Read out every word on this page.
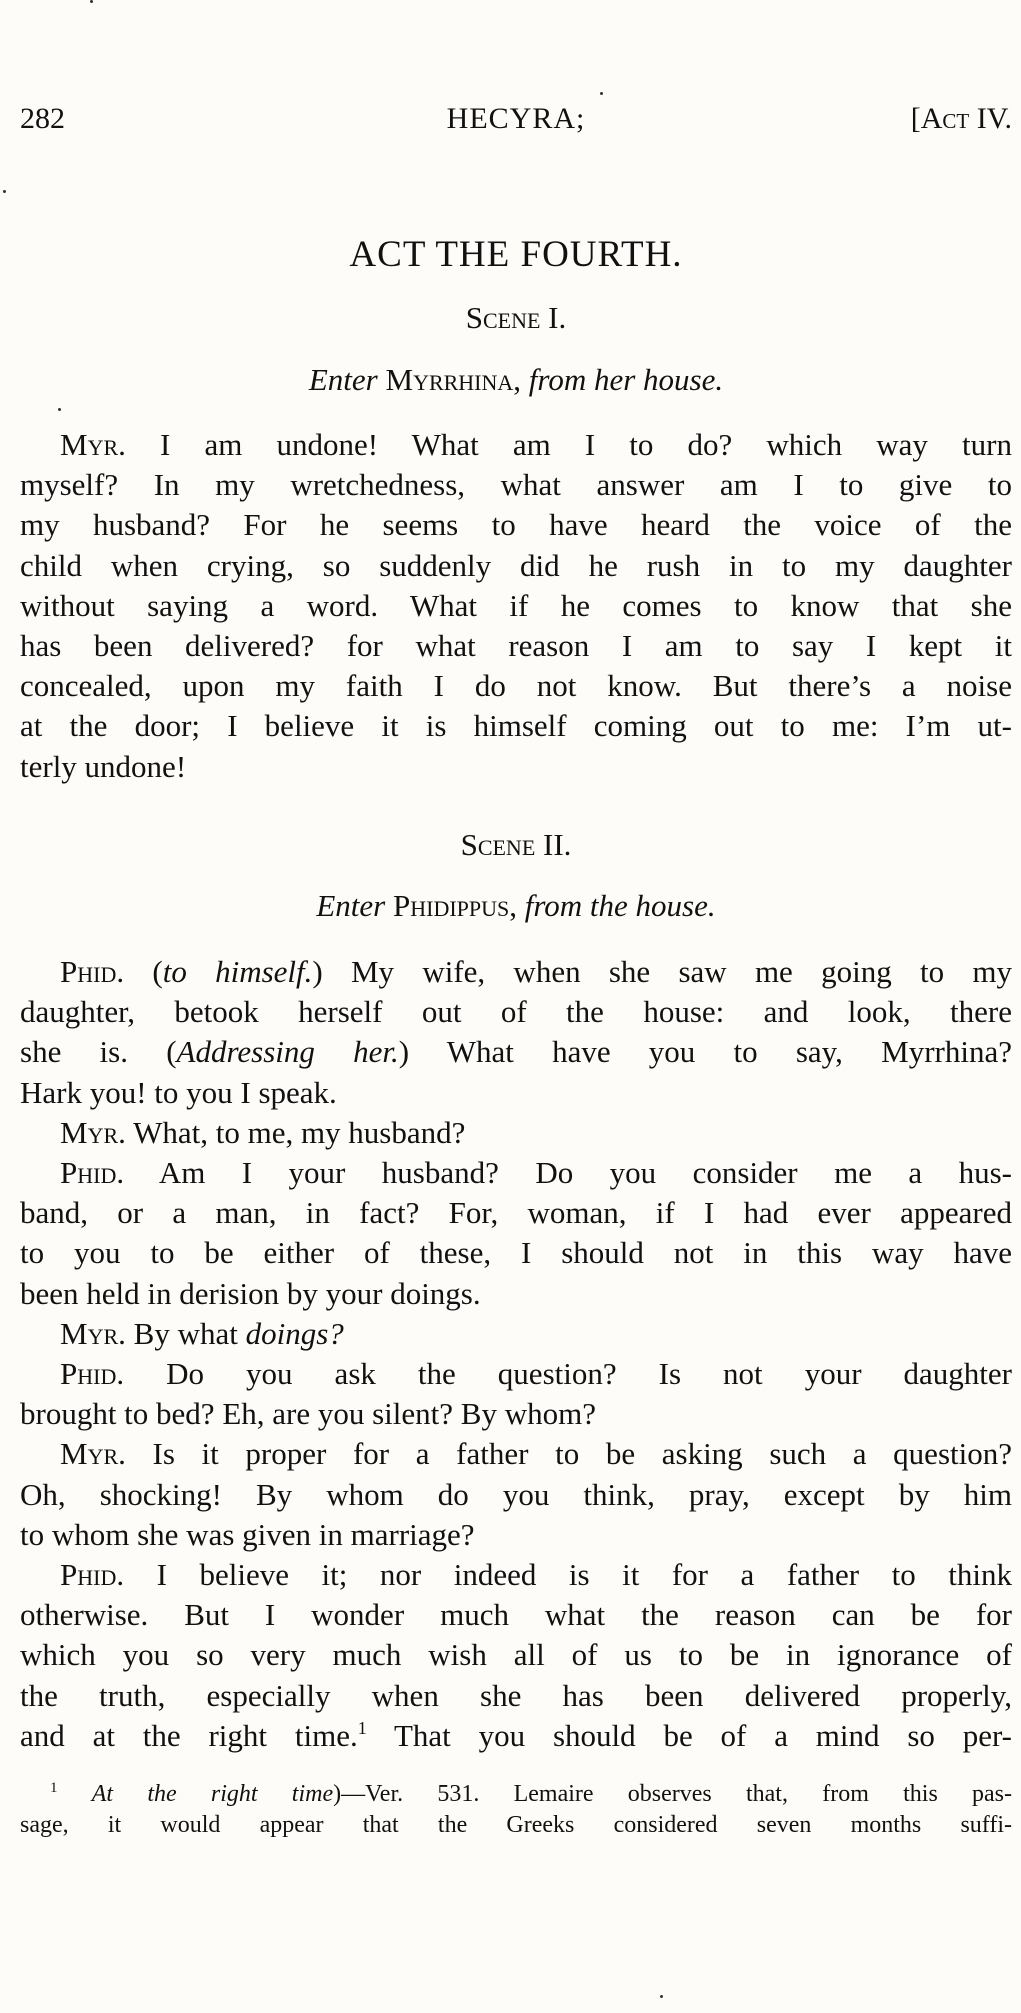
282	HECYRA;	[Act IV.
ACT THE FOURTH.
Scene I.
Enter Myrrhina, from her house.
Myr. I am undone! What am I to do? which way turn
myself? In my wretchedness, what answer am I to give to
my husband? For he seems to have heard the voice of the
child when crying, so suddenly did he rush in to my daughter
without saying a word. What if he comes to know that she
has been delivered? for what reason I am to say I kept it
concealed, upon my faith I do not know. But there’s a noise
at the door; I believe it is himself coming out to me: I’m ut-
terly undone!
Scene II.
Enter Phidippus, from the house.
Phid. (to himself.) My wife, when she saw me going to my
daughter, betook herself out of the house: and look, there
she is. (Addressing her.) What have you to say, Myrrhina?
Hark you! to you I speak.
Myr. What, to me, my husband?
Phid. Am I your husband? Do you consider me a hus-
band, or a man, in fact? For, woman, if I had ever appeared
to you to be either of these, I should not in this way have
been held in derision by your doings.
Myr. By what doings?
Phid. Do you ask the question? Is not your daughter
brought to bed? Eh, are you silent? By whom?
Myr. Is it proper for a father to be asking such a question?
Oh, shocking! By whom do you think, pray, except by him
to whom she was given in marriage?
Phid. I believe it; nor indeed is it for a father to think
otherwise. But I wonder much what the reason can be for
which you so very much wish all of us to be in ignorance of
the truth, especially when she has been delivered properly,
and at the right time.$^1$ That you should be of a mind so per-
$^1$ At the right time)—Ver. 531. Lemaire observes that, from this pas-
sage, it would appear that the Greeks considered seven months suffi-
